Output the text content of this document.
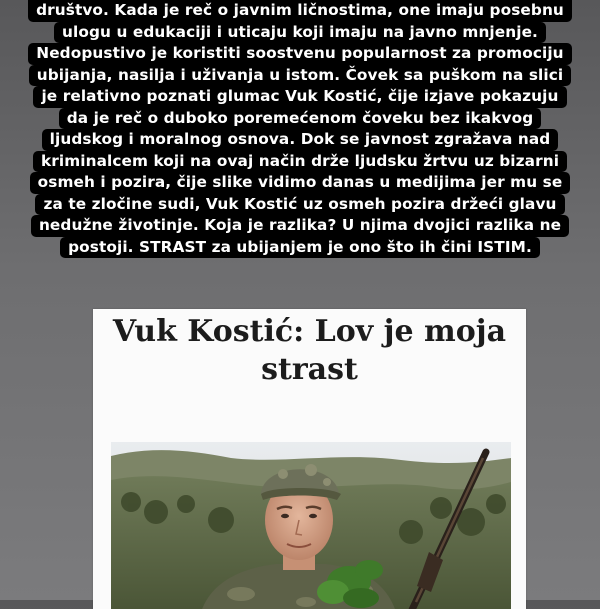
društvo. Kada je reč o javnim ličnostima, one imaju posebnu
ulogu u edukaciji i uticaju koji imaju na javno mnjenje.
Nedopustivo je koristiti soostvenu popularnost za promociju
ubijanja, nasilja i uživanja u istom. Čovek sa puškom na slici
je relativno poznati glumac Vuk Kostić, čije izjave pokazuju
da je reč o duboko poremećenom čoveku bez ikakvog
ljudskog i moralnog osnova. Dok se javnost zgražava nad
kriminalcem koji na ovaj način drže ljudsku žrtvu uz bizarni
osmeh i pozira, čije slike vidimo danas u medijima jer mu se
za te zločine sudi, Vuk Kostić uz osmeh pozira držeći glavu
nedužne životinje. Koja je razlika? U njima dvojici razlika ne
postoji. STRAST za ubijanjem je ono što ih čini ISTIM.
Vuk Kostić: Lov je moja
strast
